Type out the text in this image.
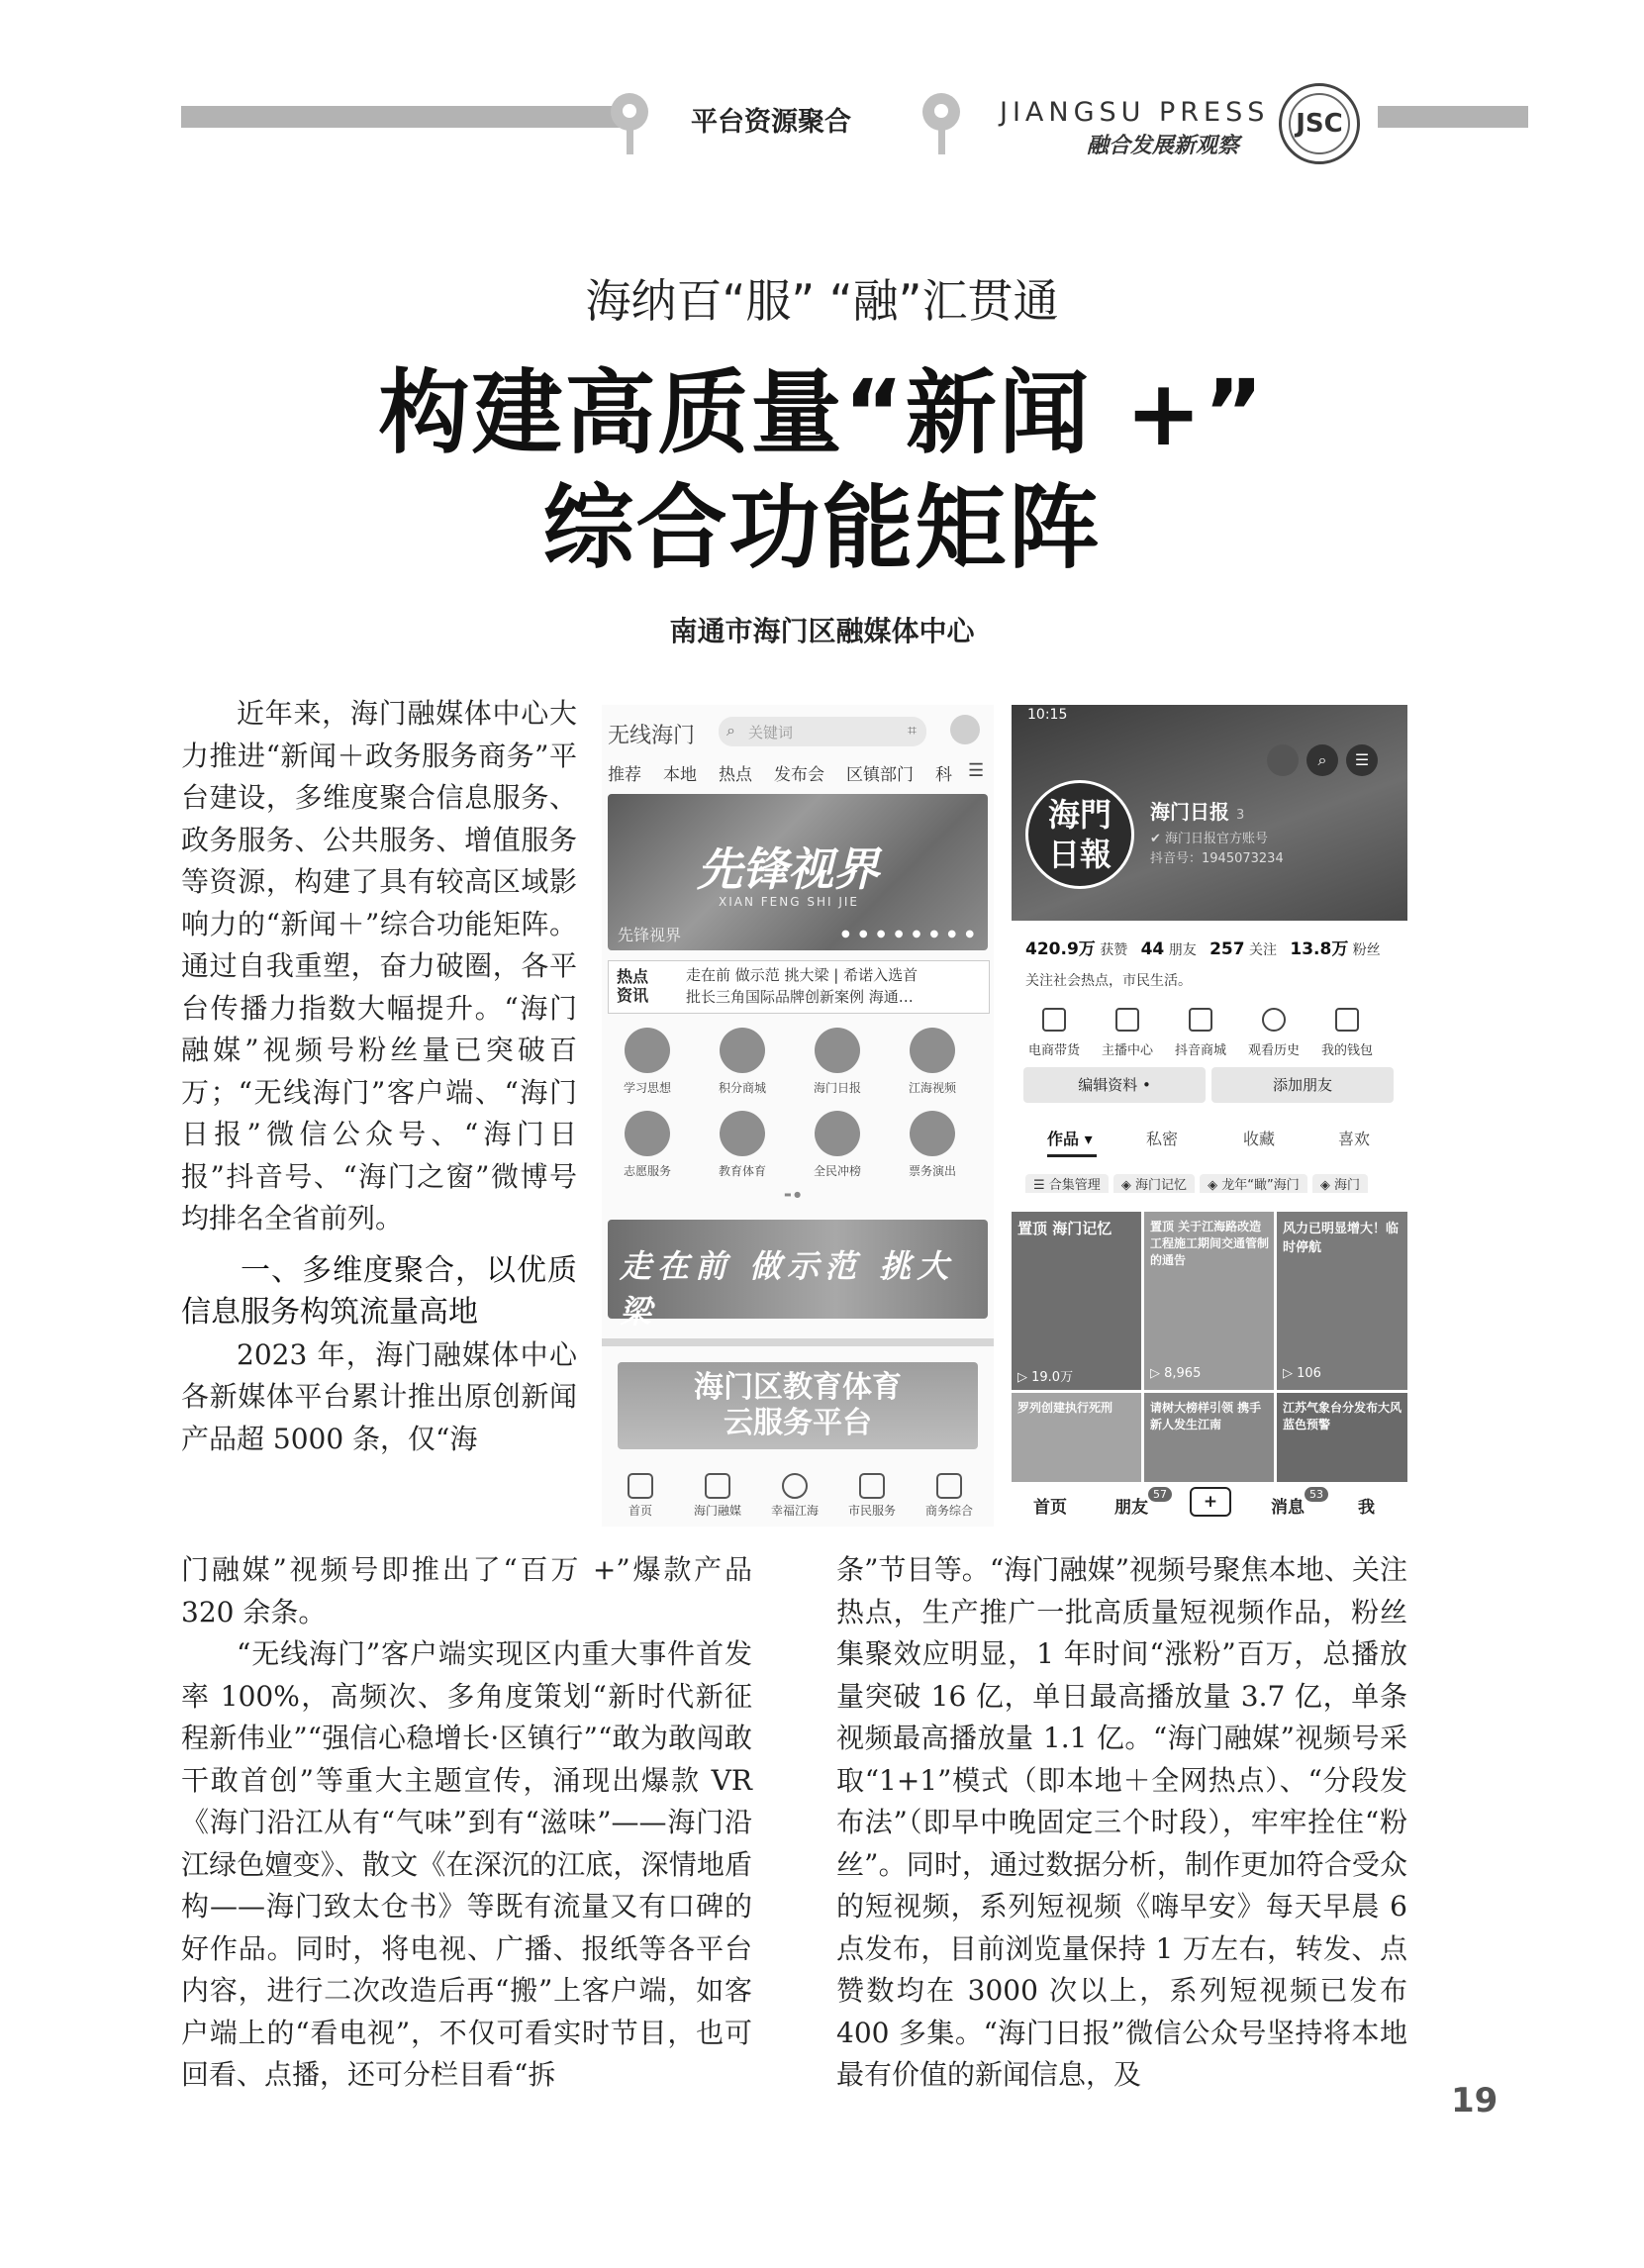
平台资源聚合	JIANGSU PRESS
融合发展新观察
JSC
海纳百“服” “融”汇贯通
构建高质量“新闻 +”
综合功能矩阵
南通市海门区融媒体中心

近年来，海门融媒体中心大力推进“新闻＋政务服务商务”平台建设，多维度聚合信息服务、政务服务、公共服务、增值服务等资源，构建了具有较高区域影响力的“新闻＋”综合功能矩阵。通过自我重塑，奋力破圈，各平台传播力指数大幅提升。“海门融媒”视频号粉丝量已突破百万；“无线海门”客户端、“海门日报”微信公众号、“海门日报”抖音号、“海门之窗”微博号均排名全省前列。

一、多维度聚合，以优质信息服务构筑流量高地

2023 年，海门融媒体中心各新媒体平台累计推出原创新闻产品超 5000 条，仅“海

门融媒”视频号即推出了“百万 +”爆款产品 320 余条。

“无线海门”客户端实现区内重大事件首发率 100%，高频次、多角度策划“新时代新征程新伟业”“强信心稳增长·区镇行”“敢为敢闯敢干敢首创”等重大主题宣传，涌现出爆款 VR《海门沿江从有“气味”到有“滋味”——海门沿江绿色嬗变》、散文《在深沉的江底，深情地盾构——海门致太仓书》等既有流量又有口碑的好作品。同时，将电视、广播、报纸等各平台内容，进行二次改造后再“搬”上客户端，如客户端上的“看电视”，不仅可看实时节目，也可回看、点播，还可分栏目看“拆

条”节目等。“海门融媒”视频号聚焦本地、关注热点，生产推广一批高质量短视频作品，粉丝集聚效应明显，1 年时间“涨粉”百万，总播放量突破 16 亿，单日最高播放量 3.7 亿，单条视频最高播放量 1.1 亿。“海门融媒”视频号采取“1+1”模式（即本地＋全网热点）、“分段发布法”（即早中晚固定三个时段），牢牢拴住“粉丝”。同时，通过数据分析，制作更加符合受众的短视频，系列短视频《嗨早安》每天早晨 6 点发布，目前浏览量保持 1 万左右，转发、点赞数均在 3000 次以上，系列短视频已发布 400 多集。“海门日报”微信公众号坚持将本地最有价值的新闻信息，及

19
无线海门 ⌕ 关键词	⌗
推荐 本地 热点 发布会 区镇部门 科 ☰
先锋视界
XIAN FENG SHI JIE
先锋视界	● ● ● ● ● ● ● ●
热点资讯
走在前 做示范 挑大梁 | 希诺入选首
批长三角国际品牌创新案例 海通…
学习思想	积分商城	海门日报	江海视频
志愿服务	教育体育	全民冲榜	票务演出
▬ ●
走在前 做示范 挑大梁
海门区教育体育
云服务平台
首页	海门融媒	幸福江海	市民服务	商务综合
10:15
⌕	☰
海門
日報
海门日报 3
✔ 海门日报官方账号
抖音号：1945073234
420.9万 获赞 44 朋友 257 关注 13.8万 粉丝
关注社会热点，市民生活。
电商带货	主播中心	抖音商城	观看历史	我的钱包
编辑资料 •	添加朋友
作品 ▾	私密	收藏	喜欢
☰ 合集管理 ◈ 海门记忆 ◈ 龙年“瞰”海门 ◈ 海门
置顶 海门记忆
▷ 19.0万
置顶 关于江海路改造工程施工期间交通管制的通告
▷ 8,965
风力已明显增大！临时停航
▷ 106
罗列创建执行死刑	请树大榜样引领 携手新人发生江南
江苏气象台分发布大风蓝色预警
首页	朋友
57	+	消息
53
我
